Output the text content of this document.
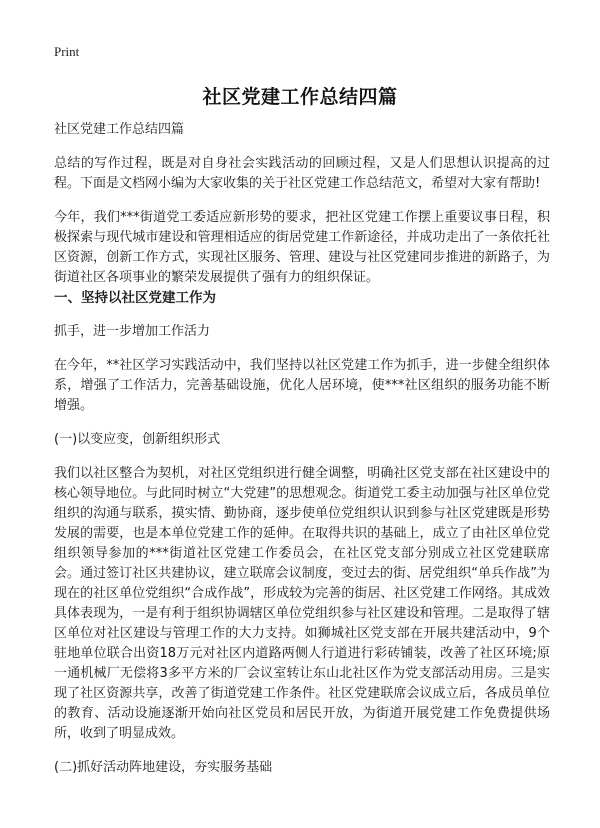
Print
社区党建工作总结四篇

社区党建工作总结四篇

总结的写作过程，既是对自身社会实践活动的回顾过程，又是人们思想认识提高的过程。下面是文档网小编为大家收集的关于社区党建工作总结范文，希望对大家有帮助!

今年，我们***街道党工委适应新形势的要求，把社区党建工作摆上重要议事日程，积极探索与现代城市建设和管理相适应的街居党建工作新途径，并成功走出了一条依托社区资源，创新工作方式，实现社区服务、管理、建设与社区党建同步推进的新路子，为街道社区各项事业的繁荣发展提供了强有力的组织保证。

一、坚持以社区党建工作为

抓手，进一步增加工作活力

在今年，**社区学习实践活动中，我们坚持以社区党建工作为抓手，进一步健全组织体系，增强了工作活力，完善基础设施，优化人居环境，使***社区组织的服务功能不断增强。

(一)以变应变，创新组织形式

我们以社区整合为契机，对社区党组织进行健全调整，明确社区党支部在社区建设中的核心领导地位。与此同时树立“大党建”的思想观念。街道党工委主动加强与社区单位党组织的沟通与联系，摸实情、勤协商，逐步使单位党组织认识到参与社区党建既是形势发展的需要，也是本单位党建工作的延伸。在取得共识的基础上，成立了由社区单位党组织领导参加的***街道社区党建工作委员会，在社区党支部分别成立社区党建联席会。通过签订社区共建协议，建立联席会议制度，变过去的街、居党组织“单兵作战”为现在的社区单位党组织“合成作战”，形成较为完善的街居、社区党建工作网络。其成效具体表现为，一是有利于组织协调辖区单位党组织参与社区建设和管理。二是取得了辖区单位对社区建设与管理工作的大力支持。如狮城社区党支部在开展共建活动中，9个驻地单位联合出资18万元对社区内道路两侧人行道进行彩砖铺装，改善了社区环境;原一通机械厂无偿将3多平方米的厂会议室转让东山北社区作为党支部活动用房。三是实现了社区资源共享，改善了街道党建工作条件。社区党建联席会议成立后，各成员单位的教育、活动设施逐渐开始向社区党员和居民开放，为街道开展党建工作免费提供场所，收到了明显成效。

(二)抓好活动阵地建设，夯实服务基础
